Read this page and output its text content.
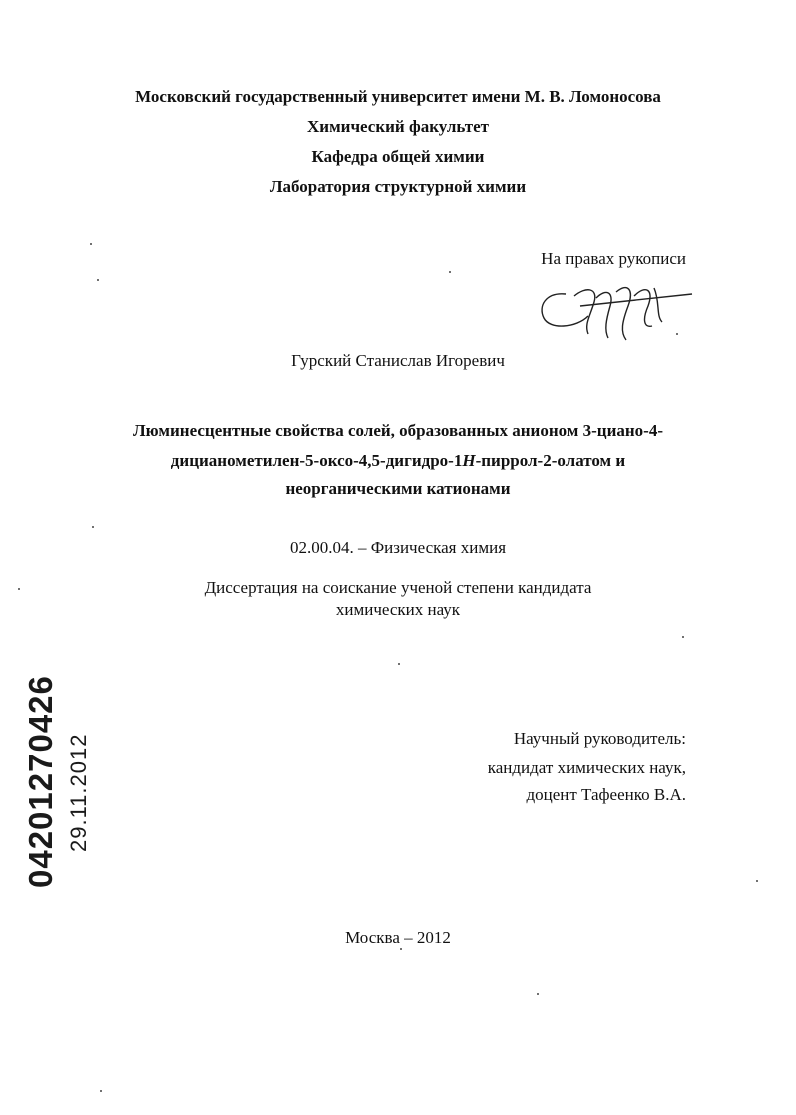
Московский государственный университет имени М. В. Ломоносова
Химический факультет
Кафедра общей химии
Лаборатория структурной химии
На правах рукописи
Гурский Станислав Игоревич
Люминесцентные свойства солей, образованных анионом 3-циано-4-
дицианометилен-5-оксо-4,5-дигидро-1H-пиррол-2-олатом и
неорганическими катионами
02.00.04. – Физическая химия
Диссертация на соискание ученой степени кандидата
химических наук
Научный руководитель:
кандидат химических наук,
доцент Тафеенко В.А.
Москва – 2012
04201270426 29.11.2012
